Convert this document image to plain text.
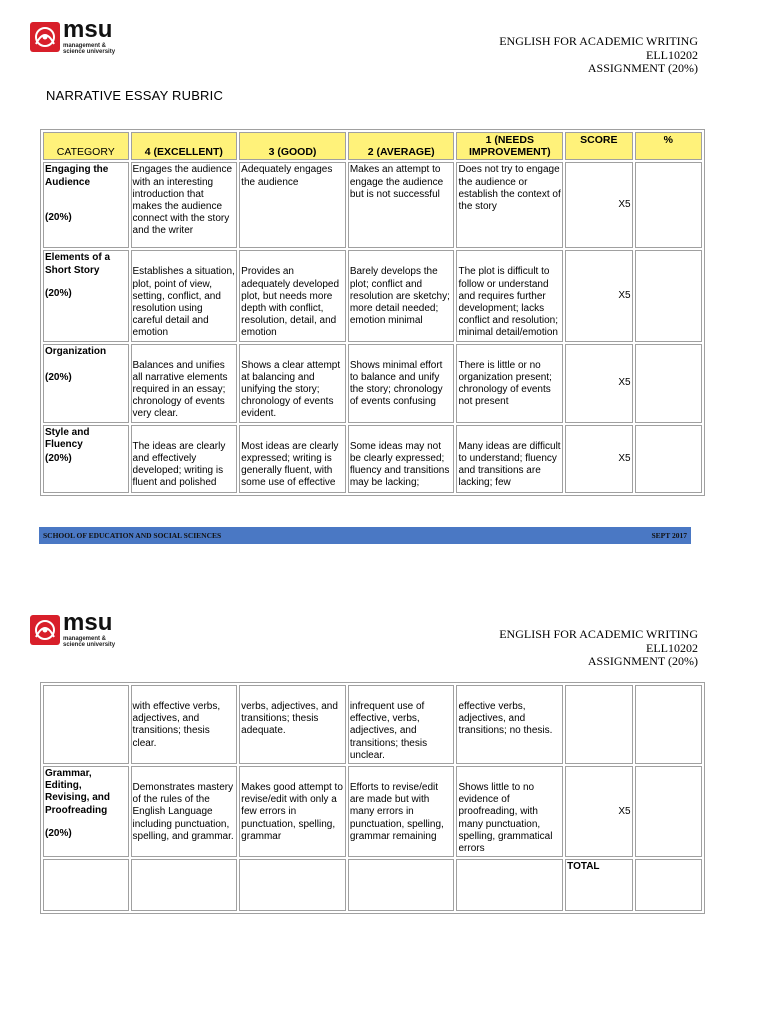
msu
management &
science university
ENGLISH FOR ACADEMIC WRITING
ELL10202
ASSIGNMENT (20%)
NARRATIVE ESSAY RUBRIC
CATEGORY	4 (EXCELLENT)	3 (GOOD)	2 (AVERAGE)	1 (NEEDS IMPROVEMENT)	SCORE	%

Engaging the Audience
(20%)	Engages the audience with an interesting introduction that makes the audience connect with the story and the writer	Adequately engages the audience	Makes an attempt to engage the audience but is not successful	Does not try to engage the audience or establish the context of the story	X5	

Elements of a Short Story
(20%)	Establishes a situation, plot, point of view, setting, conflict, and resolution using careful detail and emotion	Provides an adequately developed plot, but needs more depth with conflict, resolution, detail, and emotion	Barely develops the plot; conflict and resolution are sketchy; more detail needed; emotion minimal	The plot is difficult to follow or understand and requires further development; lacks conflict and resolution; minimal detail/emotion	X5	

Organization
(20%)	Balances and unifies all narrative elements required in an essay; chronology of events very clear.	Shows a clear attempt at balancing and unifying the story; chronology of events evident.	Shows minimal effort to balance and unify the story; chronology of events confusing	There is little or no organization present; chronology of events not present	X5	

Style and Fluency
(20%)	The ideas are clearly and effectively developed; writing is fluent and polished	Most ideas are clearly expressed; writing is generally fluent, with some use of effective	Some ideas may not be clearly expressed; fluency and transitions may be lacking;	Many ideas are difficult to understand; fluency and transitions are lacking; few	X5	
SCHOOL OF EDUCATION AND SOCIAL SCIENCES	SEPT 2017
msu
management &
science university
ENGLISH FOR ACADEMIC WRITING
ELL10202
ASSIGNMENT (20%)

	with effective verbs, adjectives, and transitions; thesis clear.	verbs, adjectives, and transitions; thesis adequate.	infrequent use of effective, verbs, adjectives, and transitions; thesis unclear.	effective verbs, adjectives, and transitions; no thesis.		

Grammar, Editing, Revising, and Proofreading
(20%)	Demonstrates mastery of the rules of the English Language including punctuation, spelling, and grammar.	Makes good attempt to revise/edit with only a few errors in punctuation, spelling, grammar	Efforts to revise/edit are made but with many errors in punctuation, spelling, grammar remaining	Shows little to no evidence of proofreading, with many punctuation, spelling, grammatical errors	X5	
					TOTAL	
